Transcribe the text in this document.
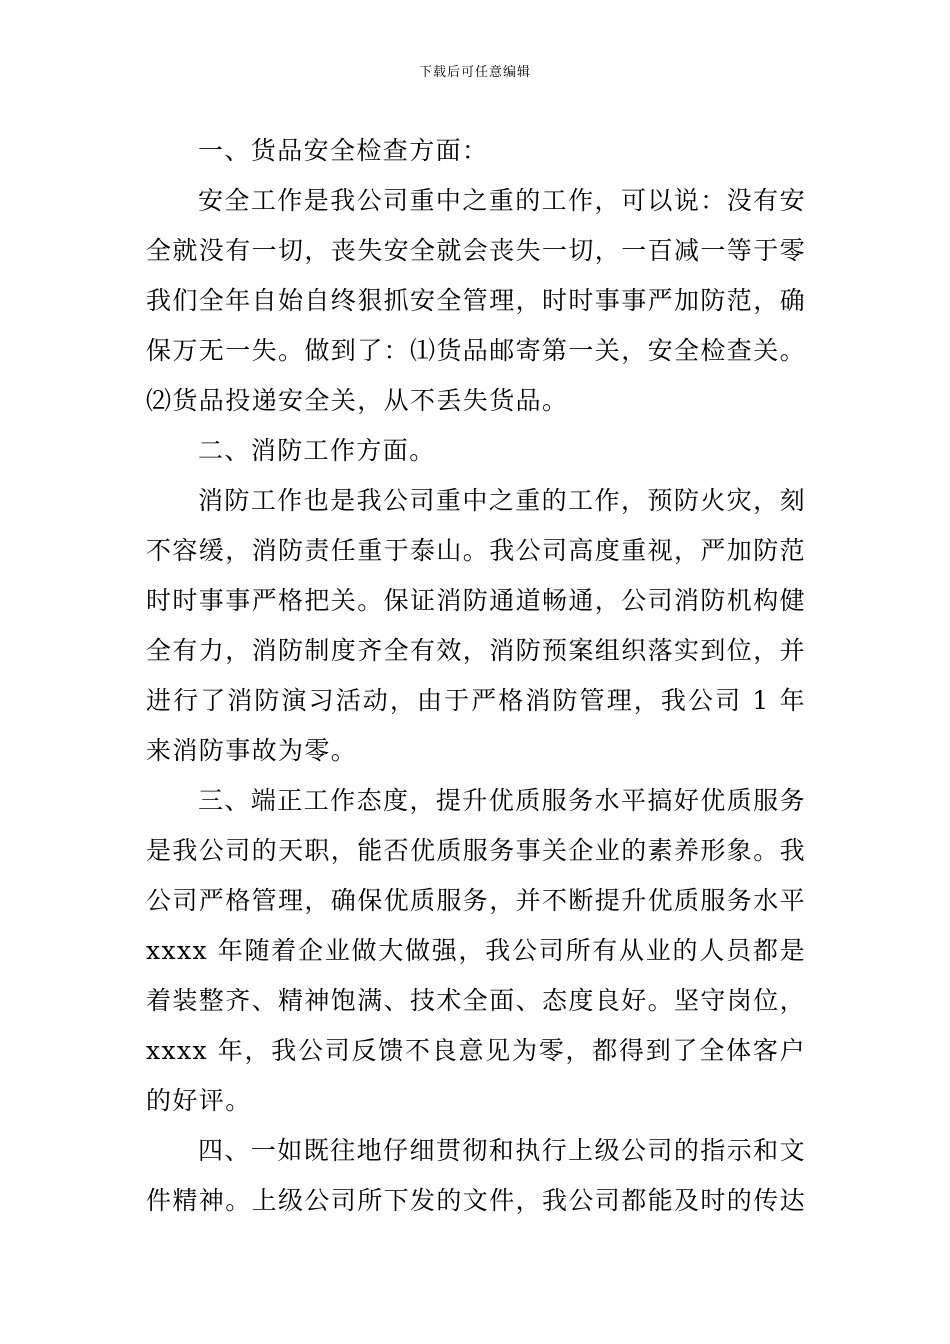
下载后可任意编辑

一、货品安全检查方面：

安全工作是我公司重中之重的工作，可以说：没有安全就没有一切，丧失安全就会丧失一切，一百减一等于零我们全年自始自终狠抓安全管理，时时事事严加防范，确保万无一失。做到了：⑴货品邮寄第一关，安全检查关。⑵货品投递安全关，从不丢失货品。

二、消防工作方面。

消防工作也是我公司重中之重的工作，预防火灾，刻不容缓，消防责任重于泰山。我公司高度重视，严加防范时时事事严格把关。保证消防通道畅通，公司消防机构健全有力，消防制度齐全有效，消防预案组织落实到位，并进行了消防演习活动，由于严格消防管理，我公司 1 年来消防事故为零。

三、端正工作态度，提升优质服务水平搞好优质服务是我公司的天职，能否优质服务事关企业的素养形象。我公司严格管理，确保优质服务，并不断提升优质服务水平 xxxx 年随着企业做大做强，我公司所有从业的人员都是着装整齐、精神饱满、技术全面、态度良好。坚守岗位，xxxx 年，我公司反馈不良意见为零，都得到了全体客户的好评。

四、一如既往地仔细贯彻和执行上级公司的指示和文件精神。上级公司所下发的文件，我公司都能及时的传达
